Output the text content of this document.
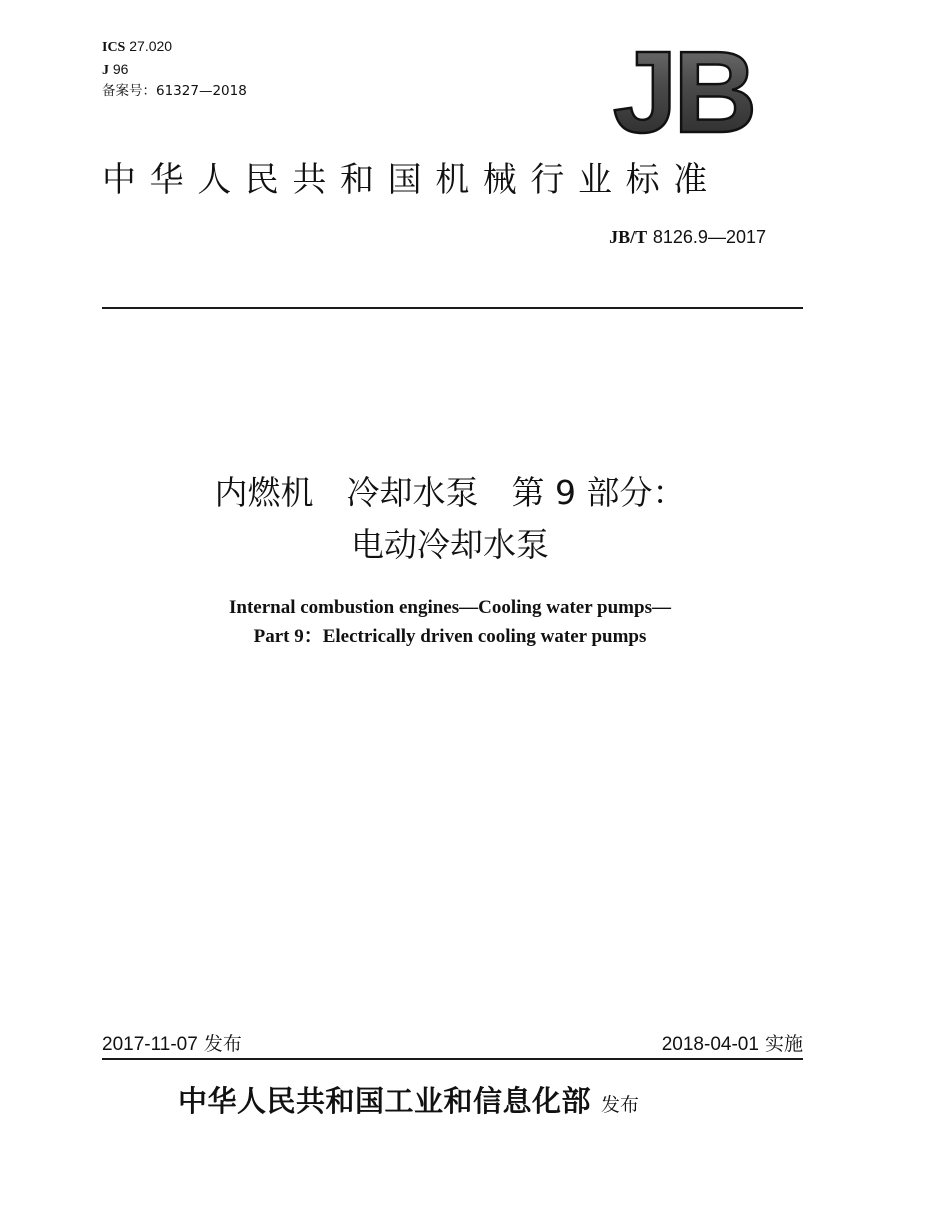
ICS 27.020
J 96
备案号：61327—2018	JB
中华人民共和国机械行业标准
JB/T 8126.9—2017
内燃机　冷却水泵　第 9 部分：
电动冷却水泵
Internal combustion engines—Cooling water pumps—
Part 9：Electrically driven cooling water pumps
2017-11-07 发布	2018-04-01 实施
中华人民共和国工业和信息化部 发布
